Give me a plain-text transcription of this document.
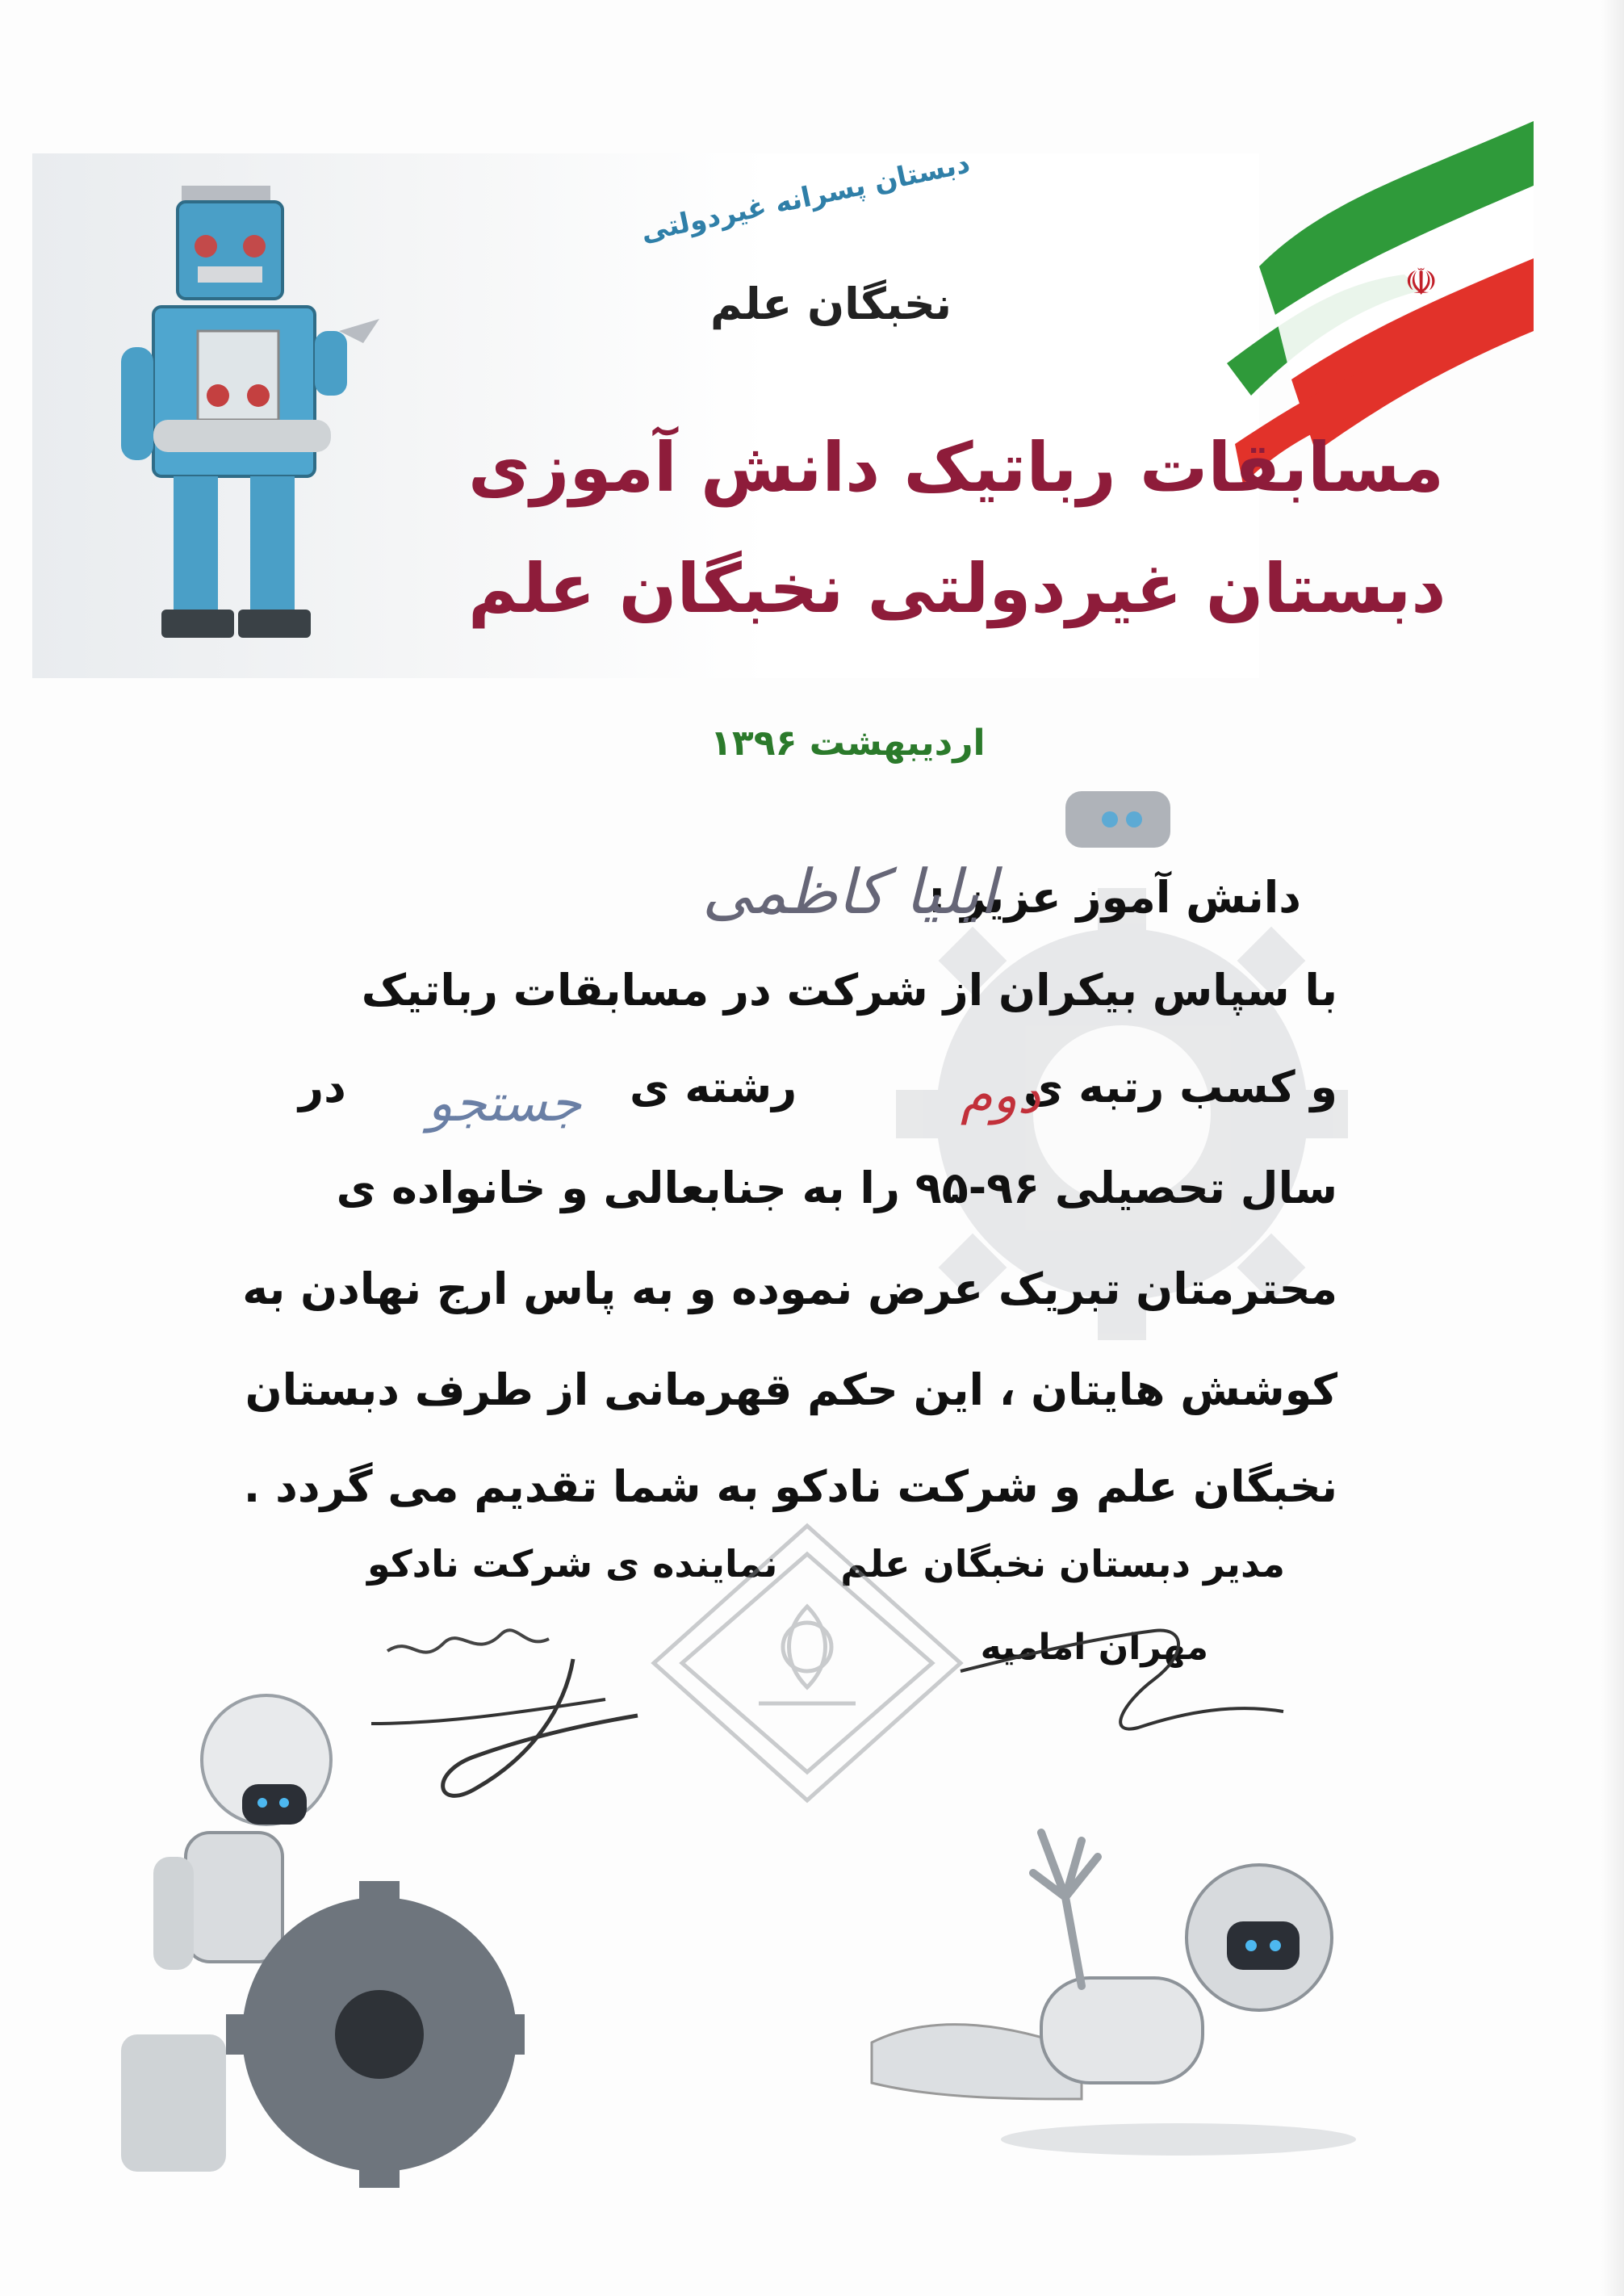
☫
دبستان پسرانه غیردولتی
نخبگان علم
مسابقات رباتیک دانش آموزی
دبستان غیردولتی نخبگان علم
اردیبهشت ۱۳۹۶
دانش آموز عزیز :
ایلیا کاظمی
با سپاس بیکران از شرکت در مسابقات رباتیک
و کسب رتبه ی
دوم
رشته ی
جستجو
در
سال تحصیلی ۹۶-۹۵ را به جنابعالی و خانواده ی
محترمتان تبریک عرض نموده و به پاس ارج نهادن به
کوشش هایتان ، این حکم قهرمانی از طرف دبستان
نخبگان علم و شرکت نادکو به شما تقدیم می گردد .
مدیر دبستان نخبگان علم
نماینده ی شرکت نادکو
مهران امامیه
